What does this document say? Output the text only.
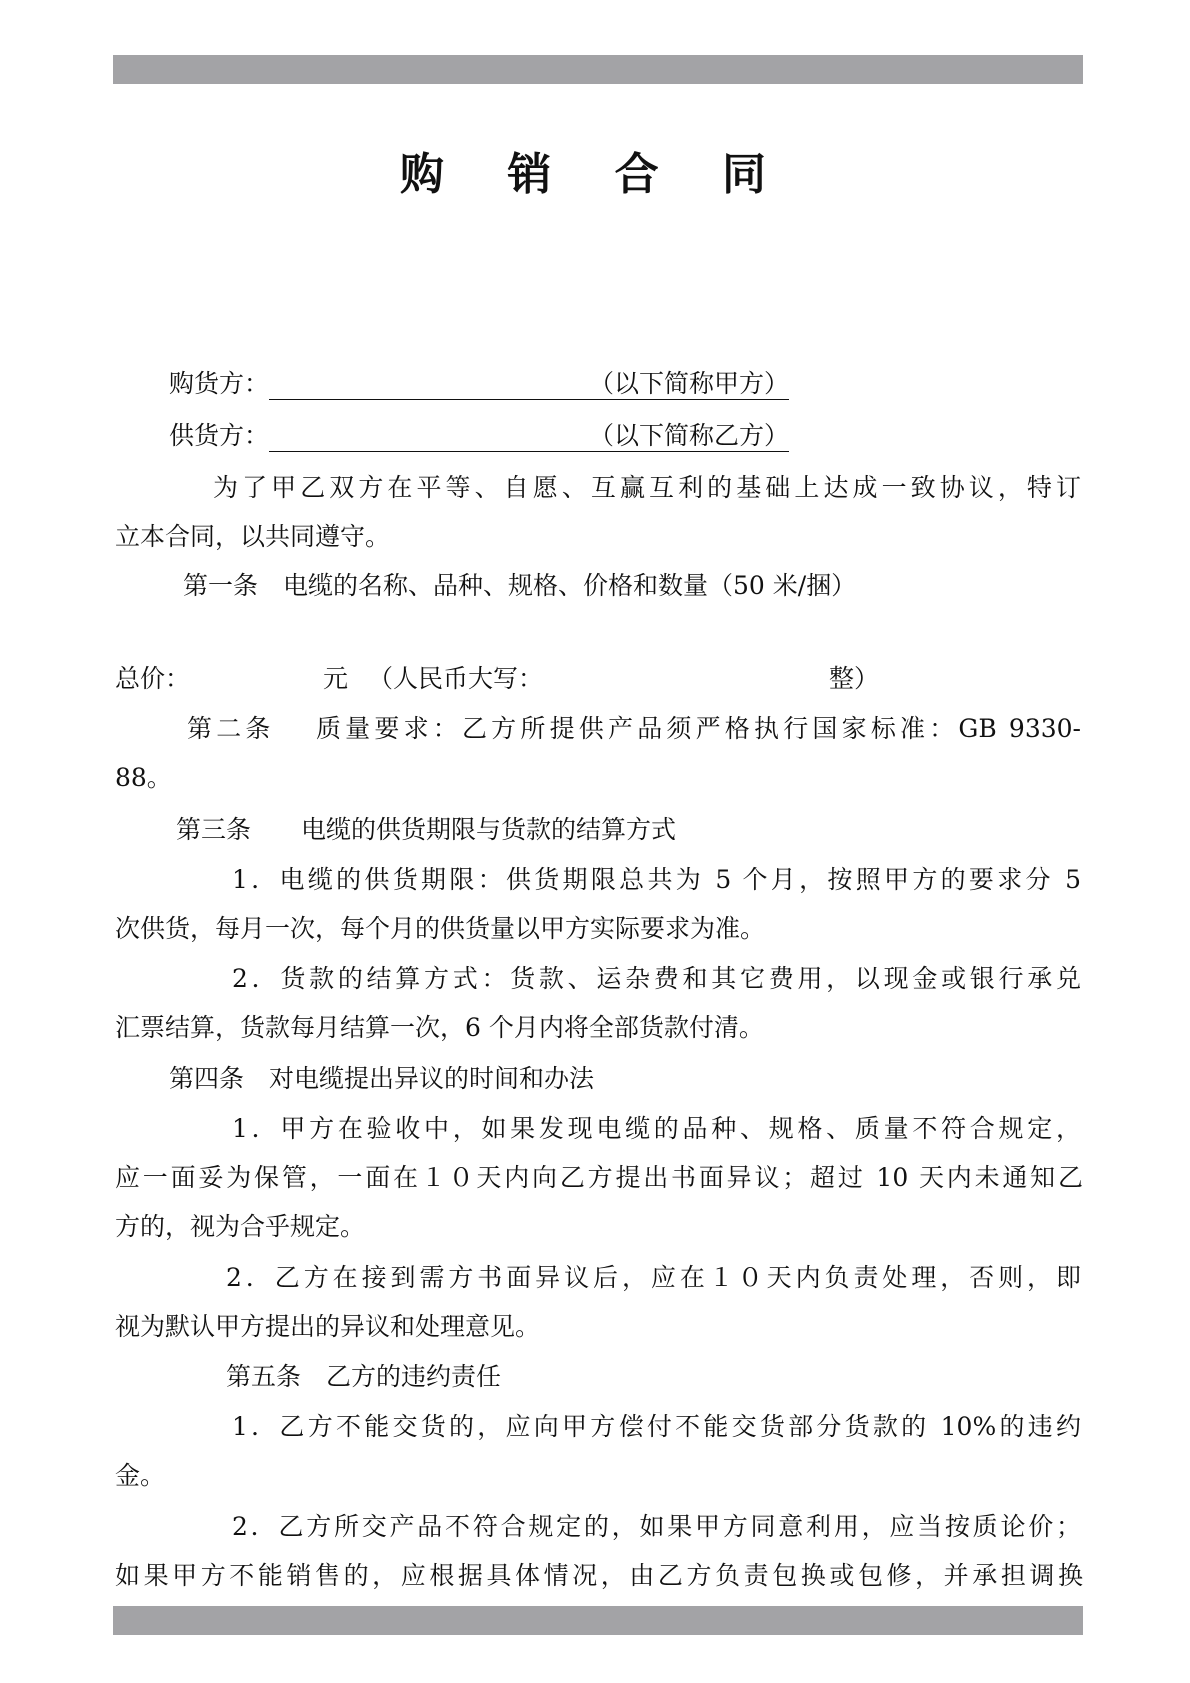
购 销 合 同
购货方：	（以下简称甲方）
供货方：	（以下简称乙方）
为了甲乙双方在平等、自愿、互赢互利的基础上达成一致协议，特订
立本合同，以共同遵守。
第一条　电缆的名称、品种、规格、价格和数量（50 米/捆）
总价：	元 （人民币大写：	整）
第二条　 质量要求：乙方所提供产品须严格执行国家标准：GB 9330-
88。
第三条　　电缆的供货期限与货款的结算方式
1．电缆的供货期限：供货期限总共为 5 个月，按照甲方的要求分 5
次供货，每月一次，每个月的供货量以甲方实际要求为准。
2．货款的结算方式：货款、运杂费和其它费用，以现金或银行承兑
汇票结算，货款每月结算一次，6 个月内将全部货款付清。
第四条　对电缆提出异议的时间和办法
1．甲方在验收中，如果发现电缆的品种、规格、质量不符合规定，
应一面妥为保管，一面在１０天内向乙方提出书面异议；超过 10 天内未通知乙
方的，视为合乎规定。
2．乙方在接到需方书面异议后，应在１０天内负责处理，否则，即
视为默认甲方提出的异议和处理意见。
第五条　乙方的违约责任
1．乙方不能交货的，应向甲方偿付不能交货部分货款的 10%的违约
金。
2．乙方所交产品不符合规定的，如果甲方同意利用，应当按质论价；
如果甲方不能销售的，应根据具体情况，由乙方负责包换或包修，并承担调换
